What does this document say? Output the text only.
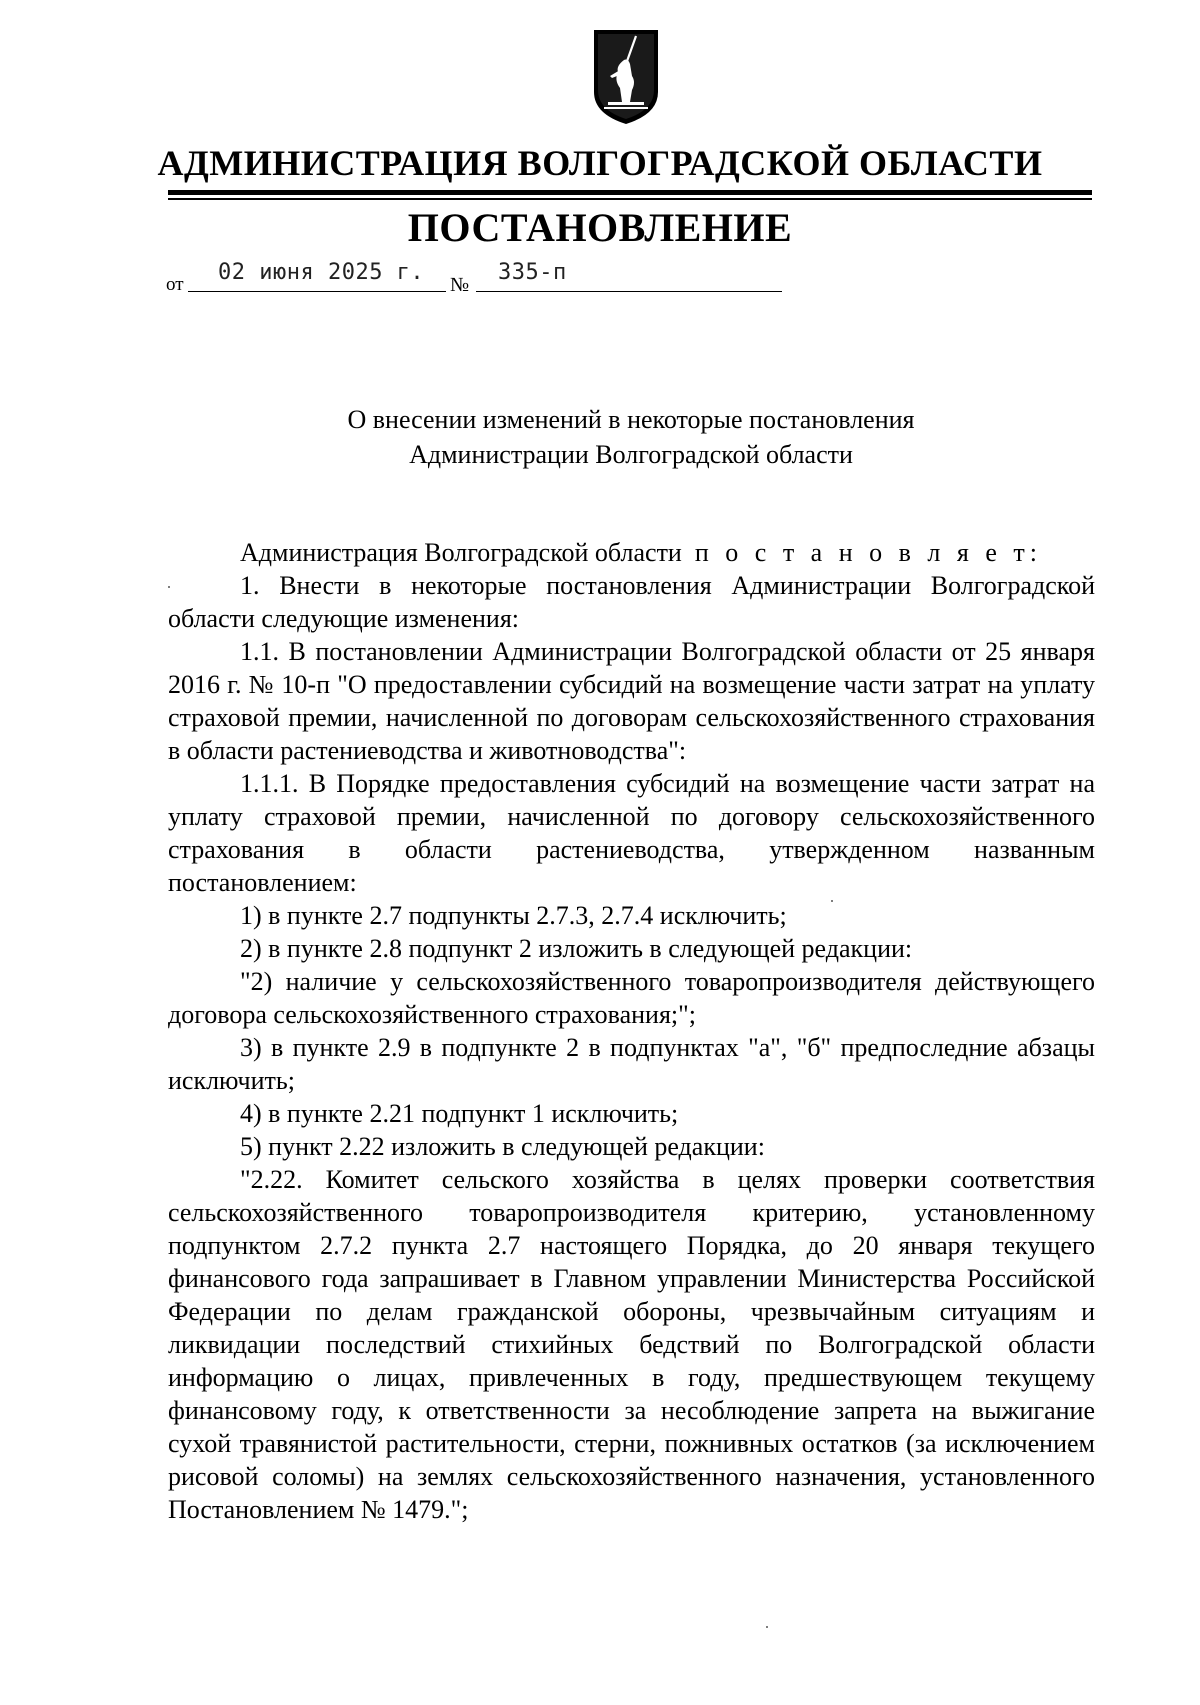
АДМИНИСТРАЦИЯ ВОЛГОГРАДСКОЙ ОБЛАСТИ
ПОСТАНОВЛЕНИЕ
от 02 июня 2025 г. № 335-п
О внесении изменений в некоторые постановления
Администрации Волгоградской области

Администрация Волгоградской области п о с т а н о в л я е т:

1. Внести в некоторые постановления Администрации Волгоградской области следующие изменения:

1.1. В постановлении Администрации Волгоградской области от 25 января 2016 г. № 10-п "О предоставлении субсидий на возмещение части затрат на уплату страховой премии, начисленной по договорам сельскохозяйственного страхования в области растениеводства и животноводства":

1.1.1. В Порядке предоставления субсидий на возмещение части затрат на уплату страховой премии, начисленной по договору сельскохозяйственного страхования в области растениеводства, утвержденном названным постановлением:

1) в пункте 2.7 подпункты 2.7.3, 2.7.4 исключить;

2) в пункте 2.8 подпункт 2 изложить в следующей редакции:

"2) наличие у сельскохозяйственного товаропроизводителя действующего договора сельскохозяйственного страхования;";

3) в пункте 2.9 в подпункте 2 в подпунктах "а", "б" предпоследние абзацы исключить;

4) в пункте 2.21 подпункт 1 исключить;

5) пункт 2.22 изложить в следующей редакции:

"2.22. Комитет сельского хозяйства в целях проверки соответствия сельскохозяйственного товаропроизводителя критерию, установленному подпунктом 2.7.2 пункта 2.7 настоящего Порядка, до 20 января текущего финансового года запрашивает в Главном управлении Министерства Российской Федерации по делам гражданской обороны, чрезвычайным ситуациям и ликвидации последствий стихийных бедствий по Волгоградской области информацию о лицах, привлеченных в году, предшествующем текущему финансовому году, к ответственности за несоблюдение запрета на выжигание сухой травянистой растительности, стерни, пожнивных остатков (за исключением рисовой соломы) на землях сельскохозяйственного назначения, установленного Постановлением № 1479.";
